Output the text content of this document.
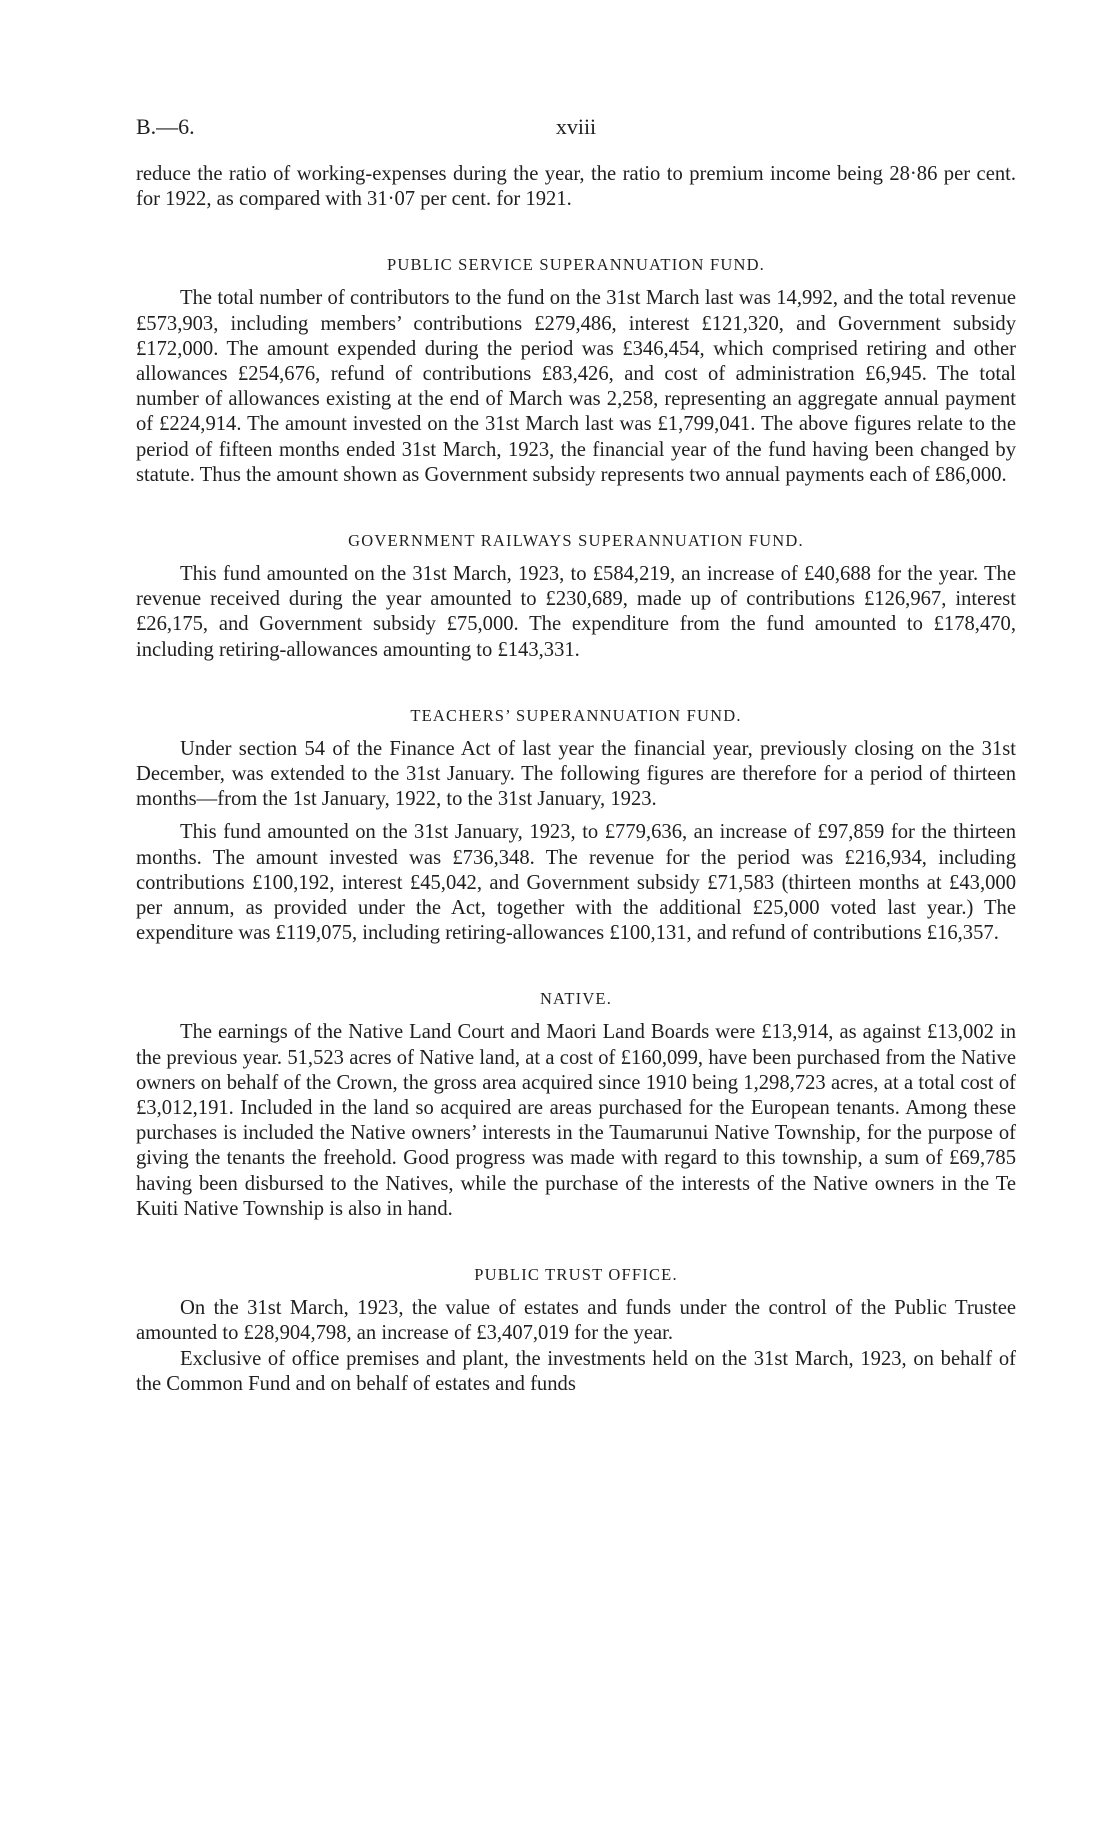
B.—6.	xviii

reduce the ratio of working-expenses during the year, the ratio to premium income being 28·86 per cent. for 1922, as compared with 31·07 per cent. for 1921.

PUBLIC SERVICE SUPERANNUATION FUND.

The total number of contributors to the fund on the 31st March last was 14,992, and the total revenue £573,903, including members’ contributions £279,486, interest £121,320, and Government subsidy £172,000. The amount expended during the period was £346,454, which comprised retiring and other allowances £254,676, refund of contributions £83,426, and cost of administration £6,945. The total number of allowances existing at the end of March was 2,258, representing an aggregate annual payment of £224,914. The amount invested on the 31st March last was £1,799,041. The above figures relate to the period of fifteen months ended 31st March, 1923, the financial year of the fund having been changed by statute. Thus the amount shown as Government subsidy represents two annual payments each of £86,000.

GOVERNMENT RAILWAYS SUPERANNUATION FUND.

This fund amounted on the 31st March, 1923, to £584,219, an increase of £40,688 for the year. The revenue received during the year amounted to £230,689, made up of contributions £126,967, interest £26,175, and Government subsidy £75,000. The expenditure from the fund amounted to £178,470, including retiring-allowances amounting to £143,331.

TEACHERS’ SUPERANNUATION FUND.

Under section 54 of the Finance Act of last year the financial year, previously closing on the 31st December, was extended to the 31st January. The following figures are therefore for a period of thirteen months—from the 1st January, 1922, to the 31st January, 1923.

This fund amounted on the 31st January, 1923, to £779,636, an increase of £97,859 for the thirteen months. The amount invested was £736,348. The revenue for the period was £216,934, including contributions £100,192, interest £45,042, and Government subsidy £71,583 (thirteen months at £43,000 per annum, as provided under the Act, together with the additional £25,000 voted last year.) The expenditure was £119,075, including retiring-allowances £100,131, and refund of contributions £16,357.

NATIVE.

The earnings of the Native Land Court and Maori Land Boards were £13,914, as against £13,002 in the previous year. 51,523 acres of Native land, at a cost of £160,099, have been purchased from the Native owners on behalf of the Crown, the gross area acquired since 1910 being 1,298,723 acres, at a total cost of £3,012,191. Included in the land so acquired are areas purchased for the European tenants. Among these purchases is included the Native owners’ interests in the Taumarunui Native Township, for the purpose of giving the tenants the freehold. Good progress was made with regard to this township, a sum of £69,785 having been disbursed to the Natives, while the purchase of the interests of the Native owners in the Te Kuiti Native Township is also in hand.

PUBLIC TRUST OFFICE.

On the 31st March, 1923, the value of estates and funds under the control of the Public Trustee amounted to £28,904,798, an increase of £3,407,019 for the year.

Exclusive of office premises and plant, the investments held on the 31st March, 1923, on behalf of the Common Fund and on behalf of estates and funds
